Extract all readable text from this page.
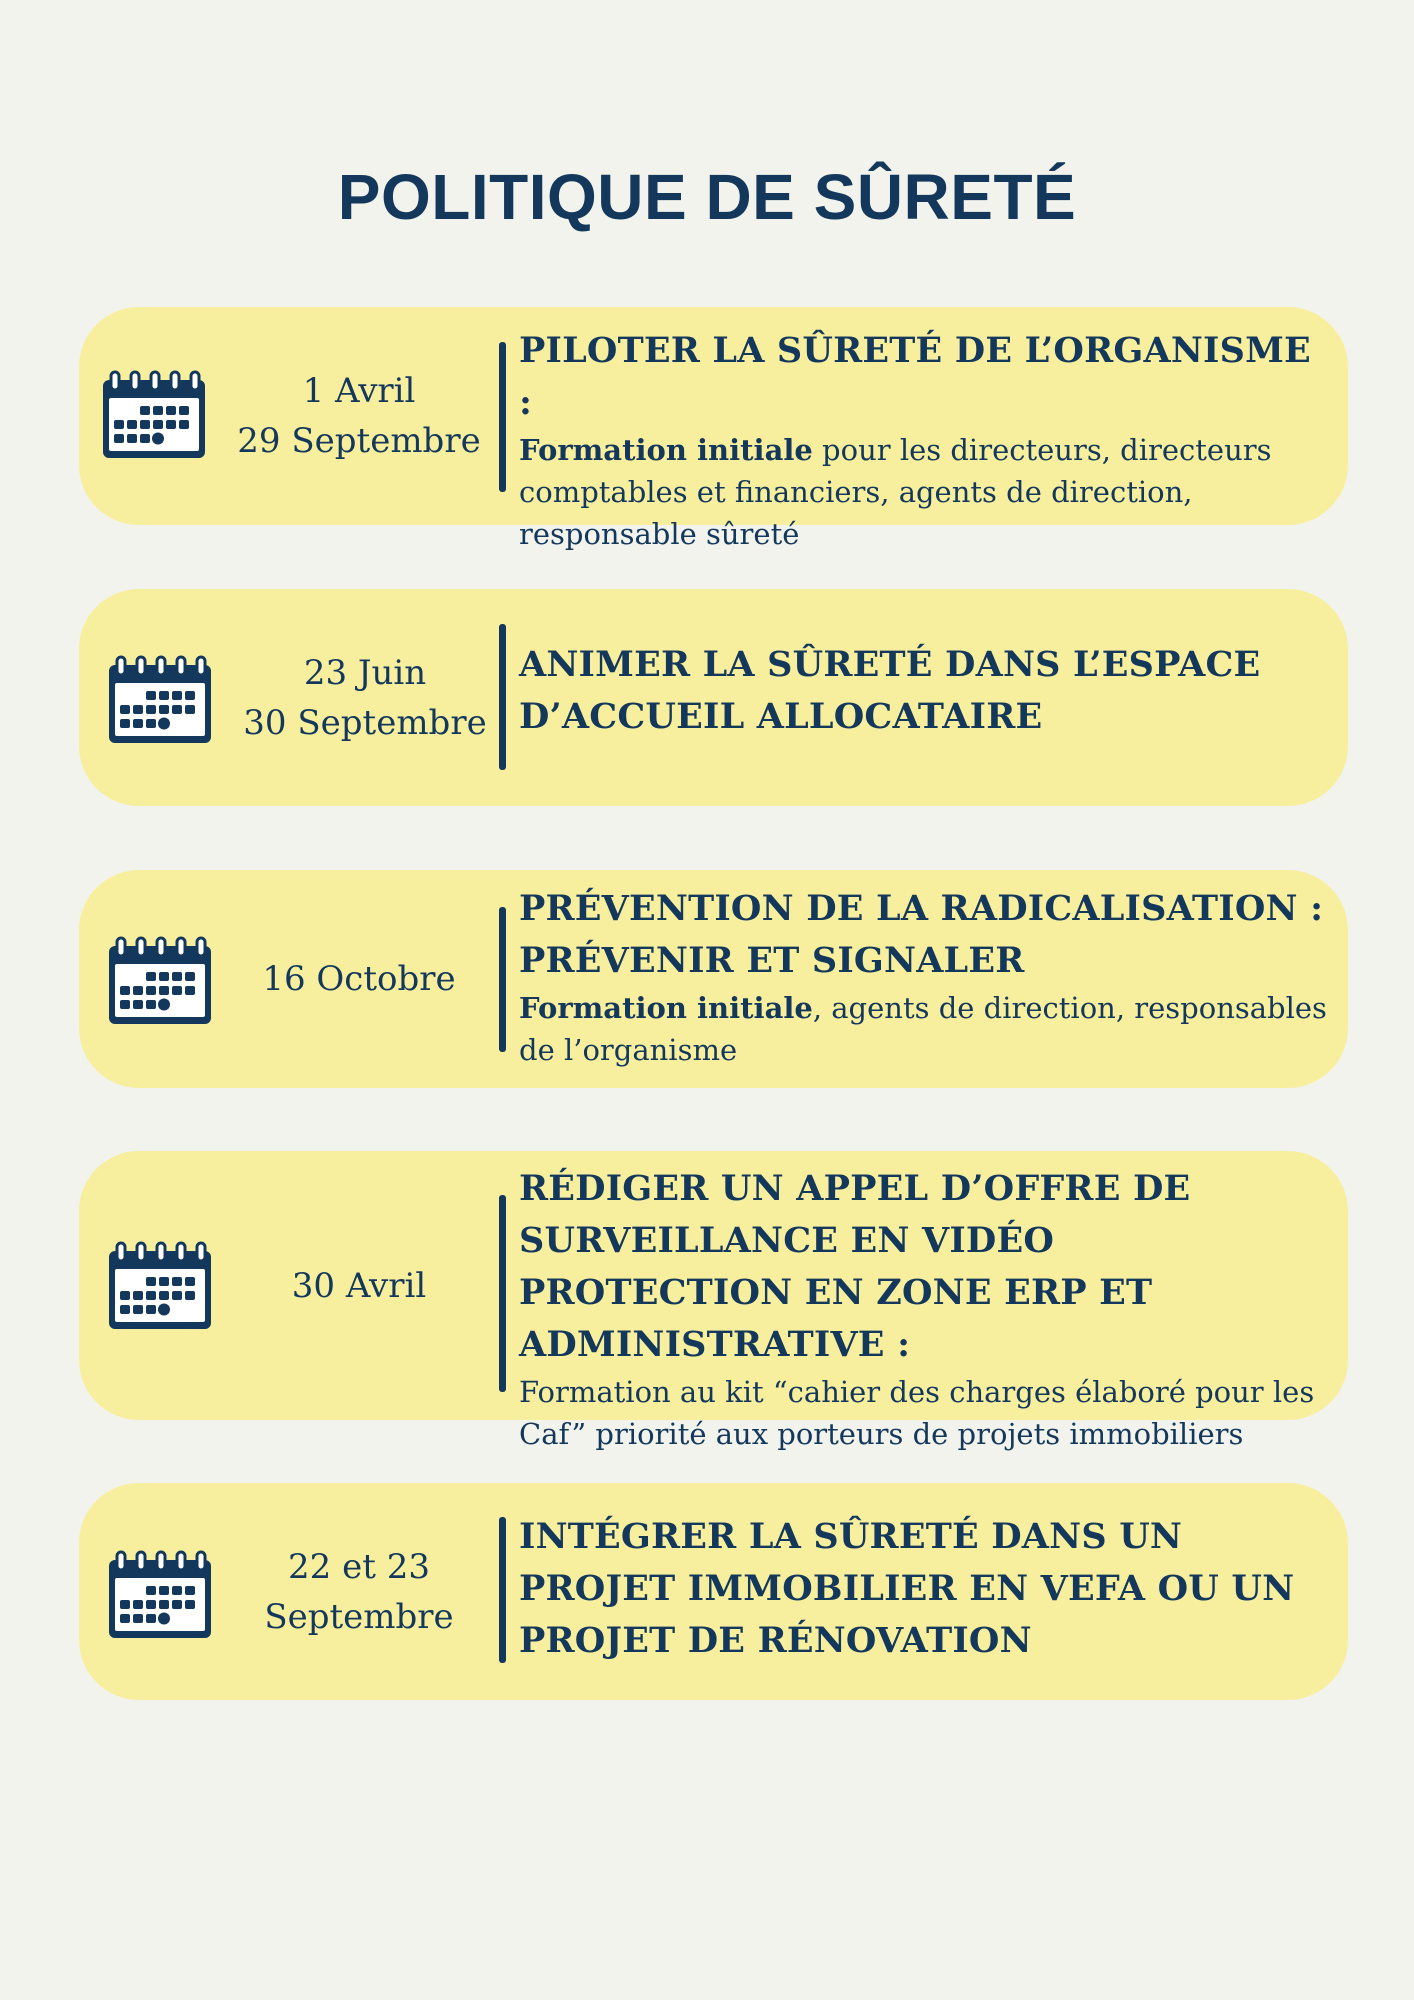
POLITIQUE DE SÛRETÉ
1 Avril
29 Septembre
PILOTER LA SÛRETÉ DE L’ORGANISME :
Formation initiale pour les directeurs, directeurs comptables et financiers, agents de direction, responsable sûreté
23 Juin
30 Septembre
ANIMER LA SÛRETÉ DANS L’ESPACE D’ACCUEIL ALLOCATAIRE
16 Octobre
PRÉVENTION DE LA RADICALISATION : PRÉVENIR ET SIGNALER
Formation initiale, agents de direction, responsables de l’organisme
30 Avril
RÉDIGER UN APPEL D’OFFRE DE SURVEILLANCE EN VIDÉO PROTECTION EN ZONE ERP ET ADMINISTRATIVE :
Formation au kit “cahier des charges élaboré pour les Caf” priorité aux porteurs de projets immobiliers
22 et 23
Septembre
INTÉGRER LA SÛRETÉ DANS UN PROJET IMMOBILIER EN VEFA OU UN PROJET DE RÉNOVATION
